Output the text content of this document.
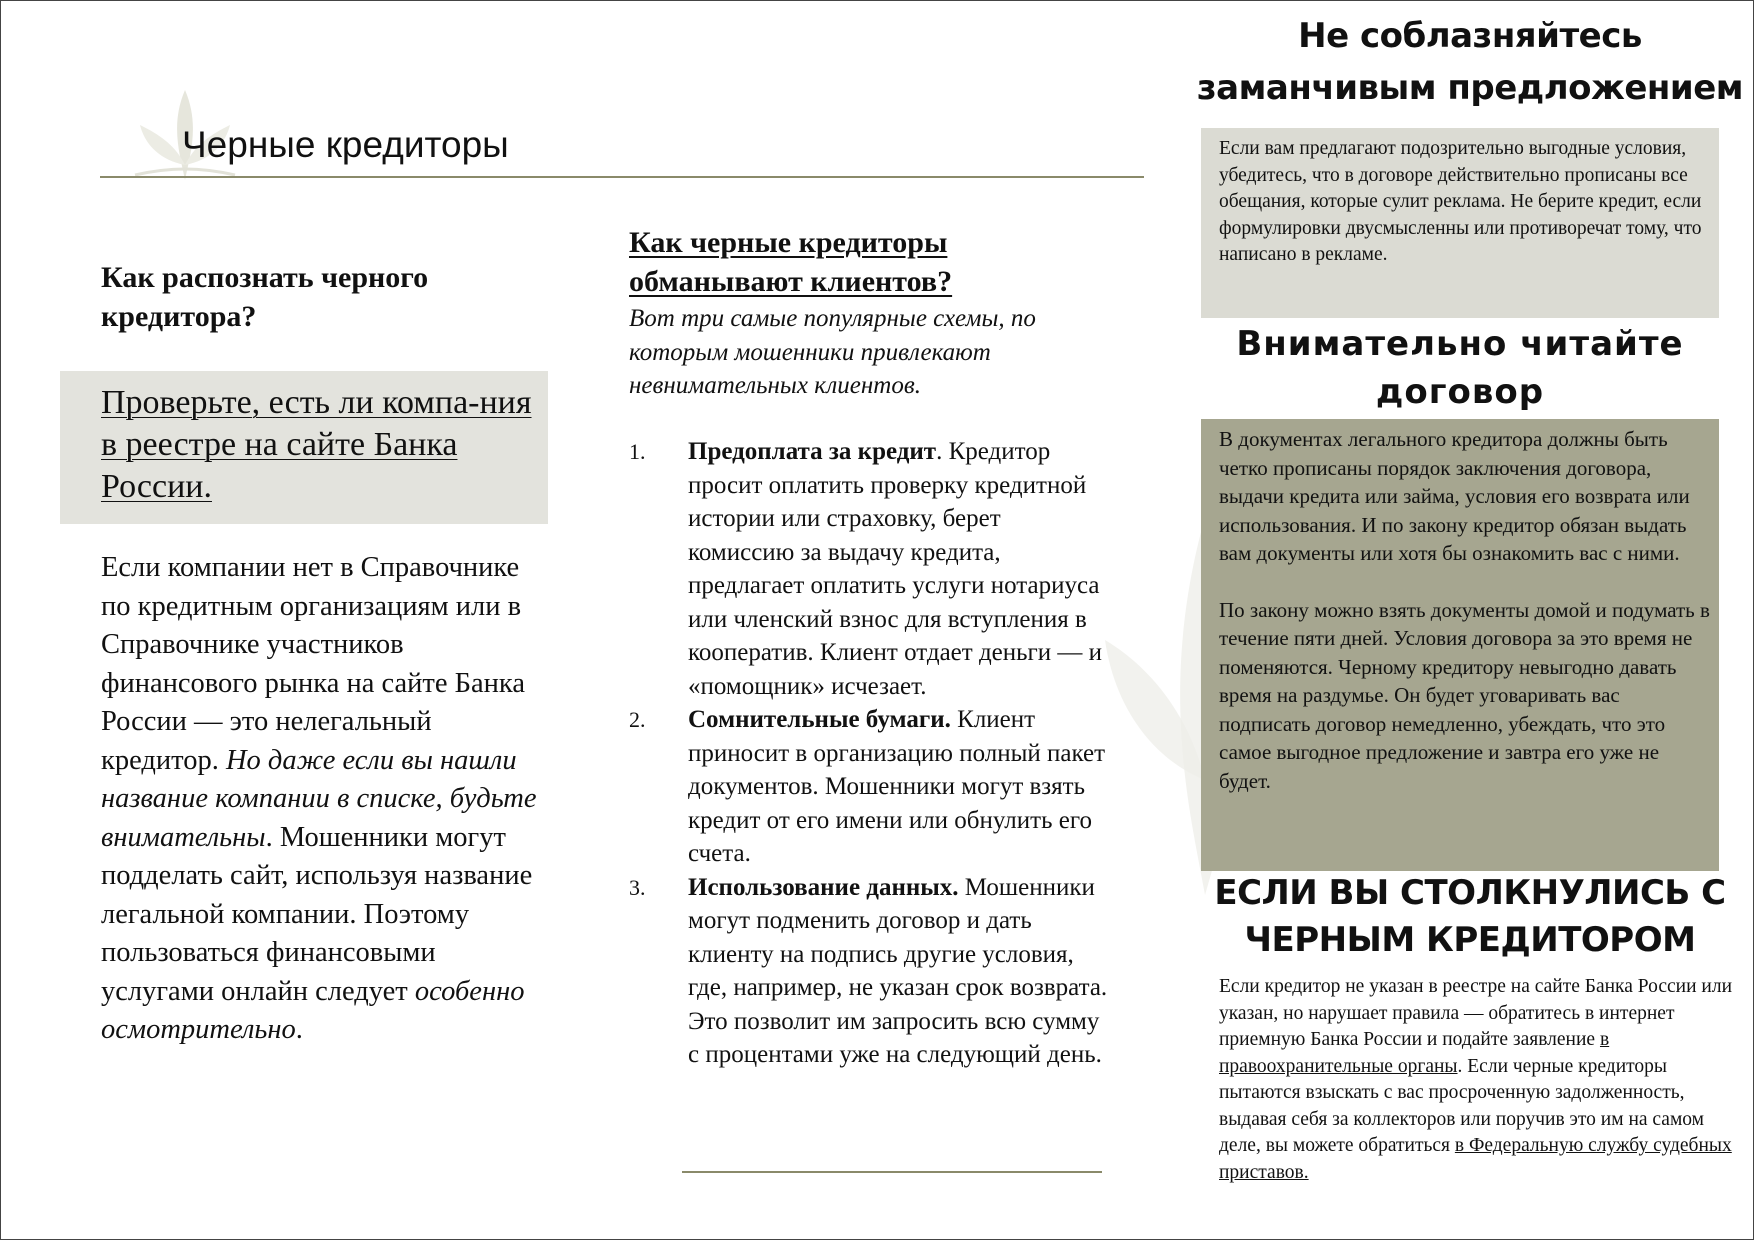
Черные кредиторы
Как распознать черного кредитора?
Проверьте, есть ли компа-ния в реестре на сайте Банка России.
Если компании нет в Справочнике по кредитным организациям или в Справочнике участников финансового рынка на сайте Банка России — это нелегальный кредитор. Но даже если вы нашли название компании в списке, будьте внимательны. Мошенники могут подделать сайт, используя название легальной компании. Поэтому пользоваться финансовыми услугами онлайн следует особенно осмотрительно.
Как черные кредиторы обманывают клиентов?
Вот три самые популярные схемы, по которым мошенники привлекают невнимательных клиентов.
1. Предоплата за кредит. Кредитор просит оплатить проверку кредитной истории или страховку, берет комиссию за выдачу кредита, предлагает оплатить услуги нотариуса или членский взнос для вступления в кооператив. Клиент отдает деньги — и «помощник» исчезает.
2. Сомнительные бумаги. Клиент приносит в организацию полный пакет документов. Мошенники могут взять кредит от его имени или обнулить его счета.
3. Использование данных. Мошенники могут подменить договор и дать клиенту на подпись другие условия, где, например, не указан срок возврата. Это позволит им запросить всю сумму с процентами уже на следующий день.
Не соблазняйтесь заманчивым предложением
Если вам предлагают подозрительно выгодные условия, убедитесь, что в договоре действительно прописаны все обещания, которые сулит реклама. Не берите кредит, если формулировки двусмысленны или противоречат тому, что написано в рекламе.
Внимательно читайте договор

В документах легального кредитора должны быть четко прописаны порядок заключения договора, выдачи кредита или займа, условия его возврата или использования. И по закону кредитор обязан выдать вам документы или хотя бы ознакомить вас с ними.

По закону можно взять документы домой и подумать в течение пяти дней. Условия договора за это время не поменяются. Черному кредитору невыгодно давать время на раздумье. Он будет уговаривать вас подписать договор немедленно, убеждать, что это самое выгодное предложение и завтра его уже не будет.

ЕСЛИ ВЫ СТОЛКНУЛИСЬ С ЧЕРНЫМ КРЕДИТОРОМ
Если кредитор не указан в реестре на сайте Банка России или указан, но нарушает правила — обратитесь в интернет приемную Банка России и подайте заявление в правоохранительные органы. Если черные кредиторы пытаются взыскать с вас просроченную задолженность, выдавая себя за коллекторов или поручив это им на самом деле, вы можете обратиться в Федеральную службу судебных приставов.
